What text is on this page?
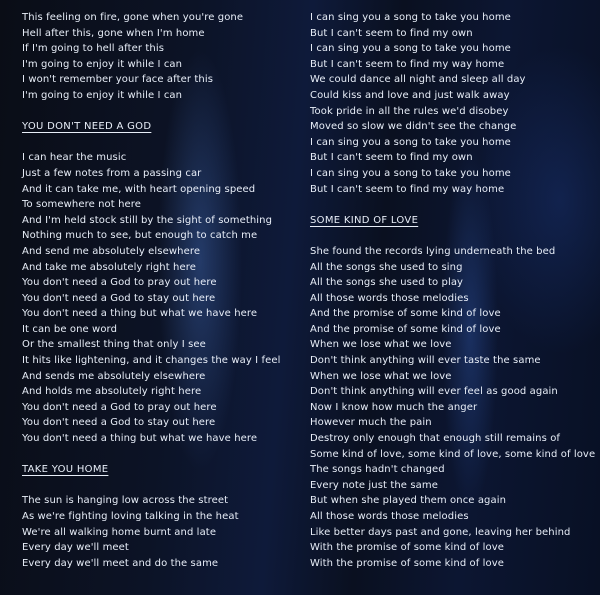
This feeling on fire, gone when you're gone
Hell after this, gone when I'm home
If I'm going to hell after this
I'm going to enjoy it while I can
I won't remember your face after this
I'm going to enjoy it while I can
YOU DON'T NEED A GOD
I can hear the music
Just a few notes from a passing car
And it can take me, with heart opening speed
To somewhere not here
And I'm held stock still by the sight of something
Nothing much to see, but enough to catch me
And send me absolutely elsewhere
And take me absolutely right here
You don't need a God to pray out here
You don't need a God to stay out here
You don't need a thing but what we have here
It can be one word
Or the smallest thing that only I see
It hits like lightening, and it changes the way I feel
And sends me absolutely elsewhere
And holds me absolutely right here
You don't need a God to pray out here
You don't need a God to stay out here
You don't need a thing but what we have here
TAKE YOU HOME
The sun is hanging low across the street
As we're fighting loving talking in the heat
We're all walking home burnt and late
Every day we'll meet
Every day we'll meet and do the same
I can sing you a song to take you home
But I can't seem to find my own
I can sing you a song to take you home
But I can't seem to find my way home
We could dance all night and sleep all day
Could kiss and love and just walk away
Took pride in all the rules we'd disobey
Moved so slow we didn't see the change
I can sing you a song to take you home
But I can't seem to find my own
I can sing you a song to take you home
But I can't seem to find my way home
SOME KIND OF LOVE
She found the records lying underneath the bed
All the songs she used to sing
All the songs she used to play
All those words those melodies
And the promise of some kind of love
And the promise of some kind of love
When we lose what we love
Don't think anything will ever taste the same
When we lose what we love
Don't think anything will ever feel as good again
Now I know how much the anger
However much the pain
Destroy only enough that enough still remains of
Some kind of love, some kind of love, some kind of love
The songs hadn't changed
Every note just the same
But when she played them once again
All those words those melodies
Like better days past and gone, leaving her behind
With the promise of some kind of love
With the promise of some kind of love
